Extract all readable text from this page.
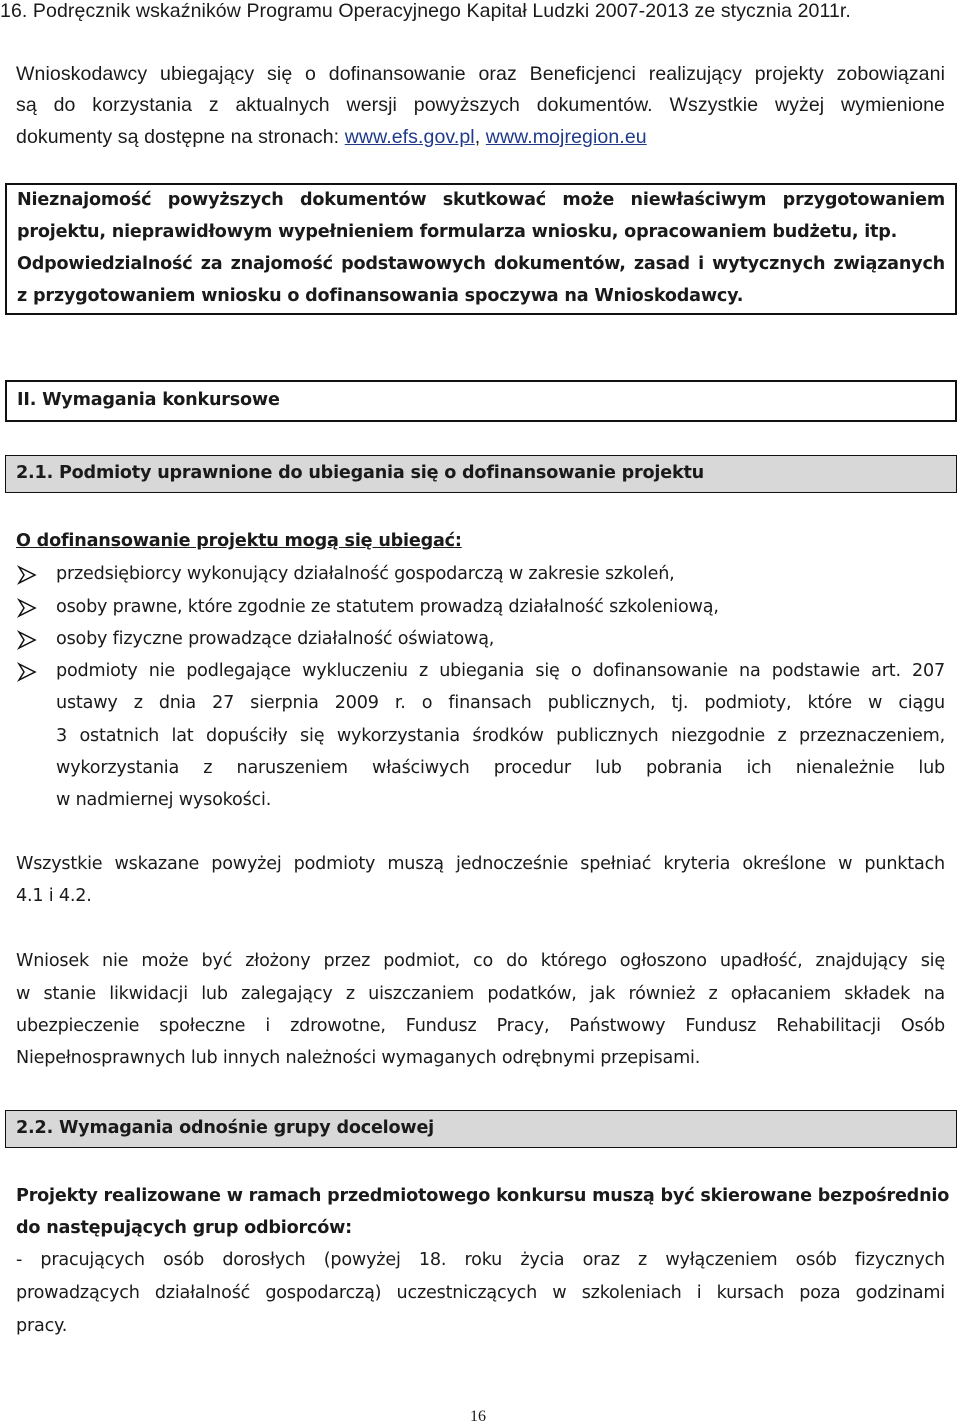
16. Podręcznik wskaźników Programu Operacyjnego Kapitał Ludzki 2007-2013 ze stycznia 2011r.
Wnioskodawcy ubiegający się o dofinansowanie oraz Beneficjenci realizujący projekty zobowiązani
są do korzystania z aktualnych wersji powyższych dokumentów. Wszystkie wyżej wymienione
dokumenty są dostępne na stronach: www.efs.gov.pl, www.mojregion.eu
Nieznajomość powyższych dokumentów skutkować może niewłaściwym przygotowaniem
projektu, nieprawidłowym wypełnieniem formularza wniosku, opracowaniem budżetu, itp.
Odpowiedzialność za znajomość podstawowych dokumentów, zasad i wytycznych związanych
z przygotowaniem wniosku o dofinansowania spoczywa na Wnioskodawcy.
II. Wymagania konkursowe
2.1. Podmioty uprawnione do ubiegania się o dofinansowanie projektu
O dofinansowanie projektu mogą się ubiegać:
przedsiębiorcy wykonujący działalność gospodarczą w zakresie szkoleń,
osoby prawne, które zgodnie ze statutem prowadzą działalność szkoleniową,
osoby fizyczne prowadzące działalność oświatową,
podmioty nie podlegające wykluczeniu z ubiegania się o dofinansowanie na podstawie art. 207
ustawy z dnia 27 sierpnia 2009 r. o finansach publicznych, tj. podmioty, które w ciągu
3 ostatnich lat dopuściły się wykorzystania środków publicznych niezgodnie z przeznaczeniem,
wykorzystania z naruszeniem właściwych procedur lub pobrania ich nienależnie lub
w nadmiernej wysokości.
Wszystkie wskazane powyżej podmioty muszą jednocześnie spełniać kryteria określone w punktach
4.1 i 4.2.
Wniosek nie może być złożony przez podmiot, co do którego ogłoszono upadłość, znajdujący się
w stanie likwidacji lub zalegający z uiszczaniem podatków, jak również z opłacaniem składek na
ubezpieczenie społeczne i zdrowotne, Fundusz Pracy, Państwowy Fundusz Rehabilitacji Osób
Niepełnosprawnych lub innych należności wymaganych odrębnymi przepisami.
2.2. Wymagania odnośnie grupy docelowej
Projekty realizowane w ramach przedmiotowego konkursu muszą być skierowane bezpośrednio
do następujących grup odbiorców:
- pracujących osób dorosłych (powyżej 18. roku życia oraz z wyłączeniem osób fizycznych
prowadzących działalność gospodarczą) uczestniczących w szkoleniach i kursach poza godzinami
pracy.
16
